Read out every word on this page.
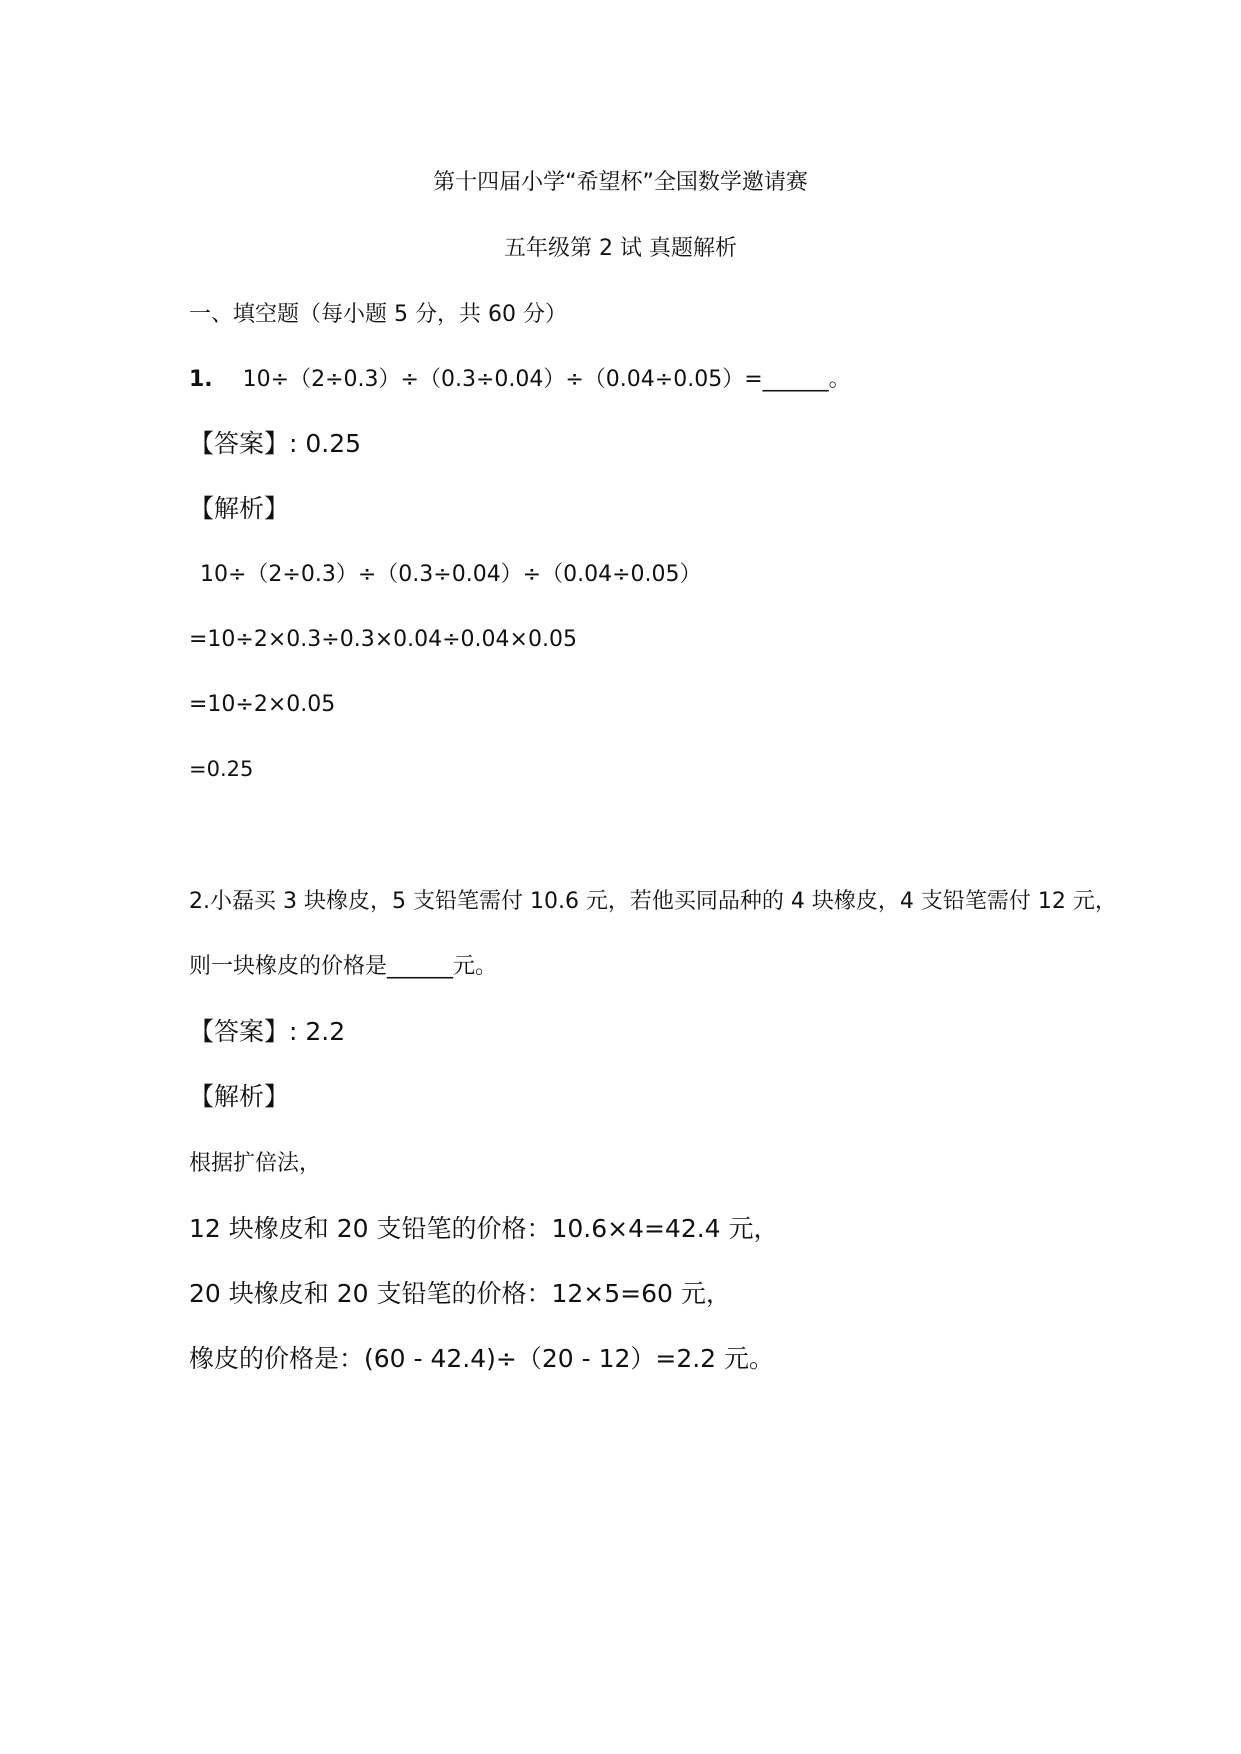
第十四届小学“希望杯”全国数学邀请赛
五年级第 2 试 真题解析
一、填空题（每小题 5 分，共 60 分）
1. 10÷（2÷0.3）÷（0.3÷0.04）÷（0.04÷0.05）=______。
【答案】: 0.25
【解析】
10÷（2÷0.3）÷（0.3÷0.04）÷（0.04÷0.05）
=10÷2×0.3÷0.3×0.04÷0.04×0.05
=10÷2×0.05
=0.25
2.小磊买 3 块橡皮，5 支铅笔需付 10.6 元，若他买同品种的 4 块橡皮，4 支铅笔需付 12 元，
则一块橡皮的价格是______元。
【答案】: 2.2
【解析】
根据扩倍法，
12 块橡皮和 20 支铅笔的价格：10.6×4=42.4 元，
20 块橡皮和 20 支铅笔的价格：12×5=60 元，
橡皮的价格是：(60 - 42.4)÷（20 - 12）=2.2 元。
